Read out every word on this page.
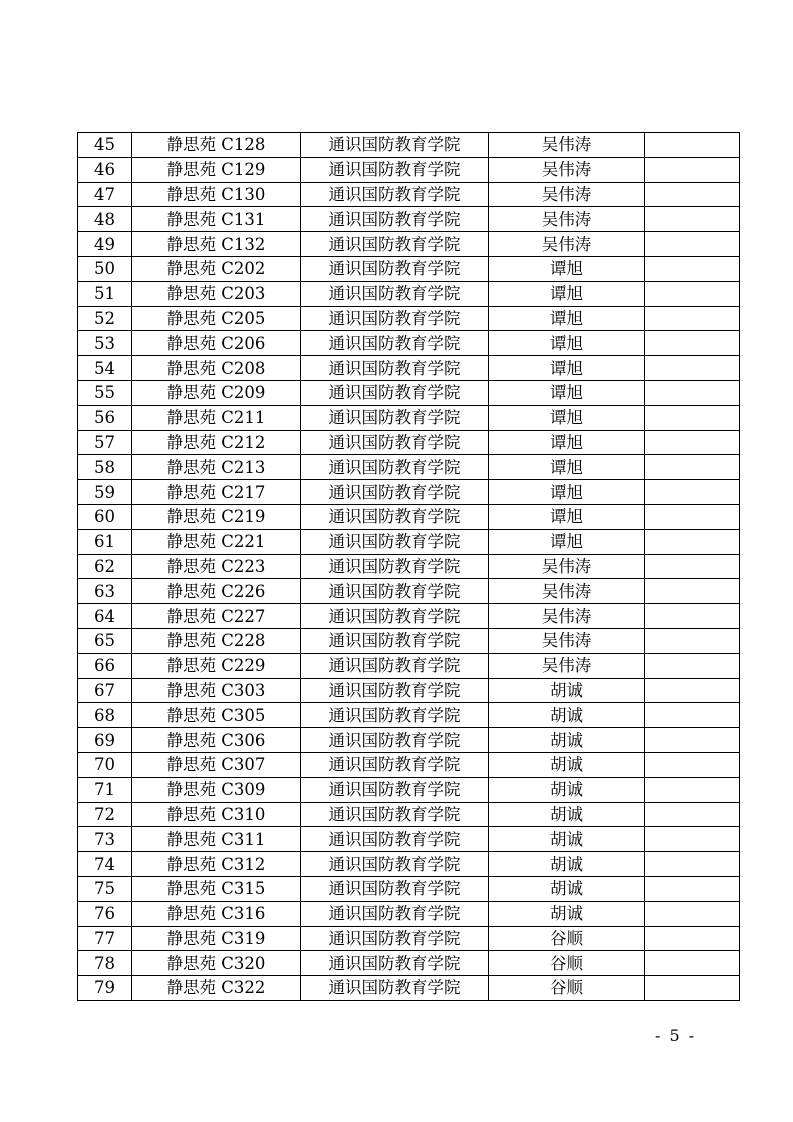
45	静思苑 C128	通识国防教育学院	吴伟涛	
46	静思苑 C129	通识国防教育学院	吴伟涛	
47	静思苑 C130	通识国防教育学院	吴伟涛	
48	静思苑 C131	通识国防教育学院	吴伟涛	
49	静思苑 C132	通识国防教育学院	吴伟涛	
50	静思苑 C202	通识国防教育学院	谭旭	
51	静思苑 C203	通识国防教育学院	谭旭	
52	静思苑 C205	通识国防教育学院	谭旭	
53	静思苑 C206	通识国防教育学院	谭旭	
54	静思苑 C208	通识国防教育学院	谭旭	
55	静思苑 C209	通识国防教育学院	谭旭	
56	静思苑 C211	通识国防教育学院	谭旭	
57	静思苑 C212	通识国防教育学院	谭旭	
58	静思苑 C213	通识国防教育学院	谭旭	
59	静思苑 C217	通识国防教育学院	谭旭	
60	静思苑 C219	通识国防教育学院	谭旭	
61	静思苑 C221	通识国防教育学院	谭旭	
62	静思苑 C223	通识国防教育学院	吴伟涛	
63	静思苑 C226	通识国防教育学院	吴伟涛	
64	静思苑 C227	通识国防教育学院	吴伟涛	
65	静思苑 C228	通识国防教育学院	吴伟涛	
66	静思苑 C229	通识国防教育学院	吴伟涛	
67	静思苑 C303	通识国防教育学院	胡诚	
68	静思苑 C305	通识国防教育学院	胡诚	
69	静思苑 C306	通识国防教育学院	胡诚	
70	静思苑 C307	通识国防教育学院	胡诚	
71	静思苑 C309	通识国防教育学院	胡诚	
72	静思苑 C310	通识国防教育学院	胡诚	
73	静思苑 C311	通识国防教育学院	胡诚	
74	静思苑 C312	通识国防教育学院	胡诚	
75	静思苑 C315	通识国防教育学院	胡诚	
76	静思苑 C316	通识国防教育学院	胡诚	
77	静思苑 C319	通识国防教育学院	谷顺	
78	静思苑 C320	通识国防教育学院	谷顺	
79	静思苑 C322	通识国防教育学院	谷顺	
- 5 -
